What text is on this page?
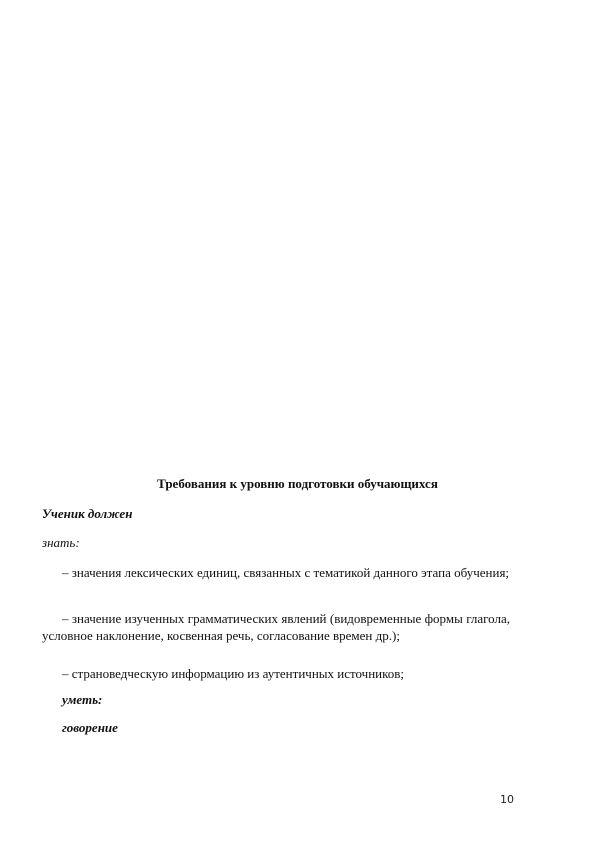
Требования к уровню подготовки обучающихся
Ученик должен
знать:
– значения лексических единиц, связанных с тематикой данного этапа обучения;
– значение изученных грамматических явлений (видовременные формы глагола, условное наклонение, косвенная речь, согласование времен др.);
– страноведческую информацию из аутентичных источников;
уметь:
говорение
10
